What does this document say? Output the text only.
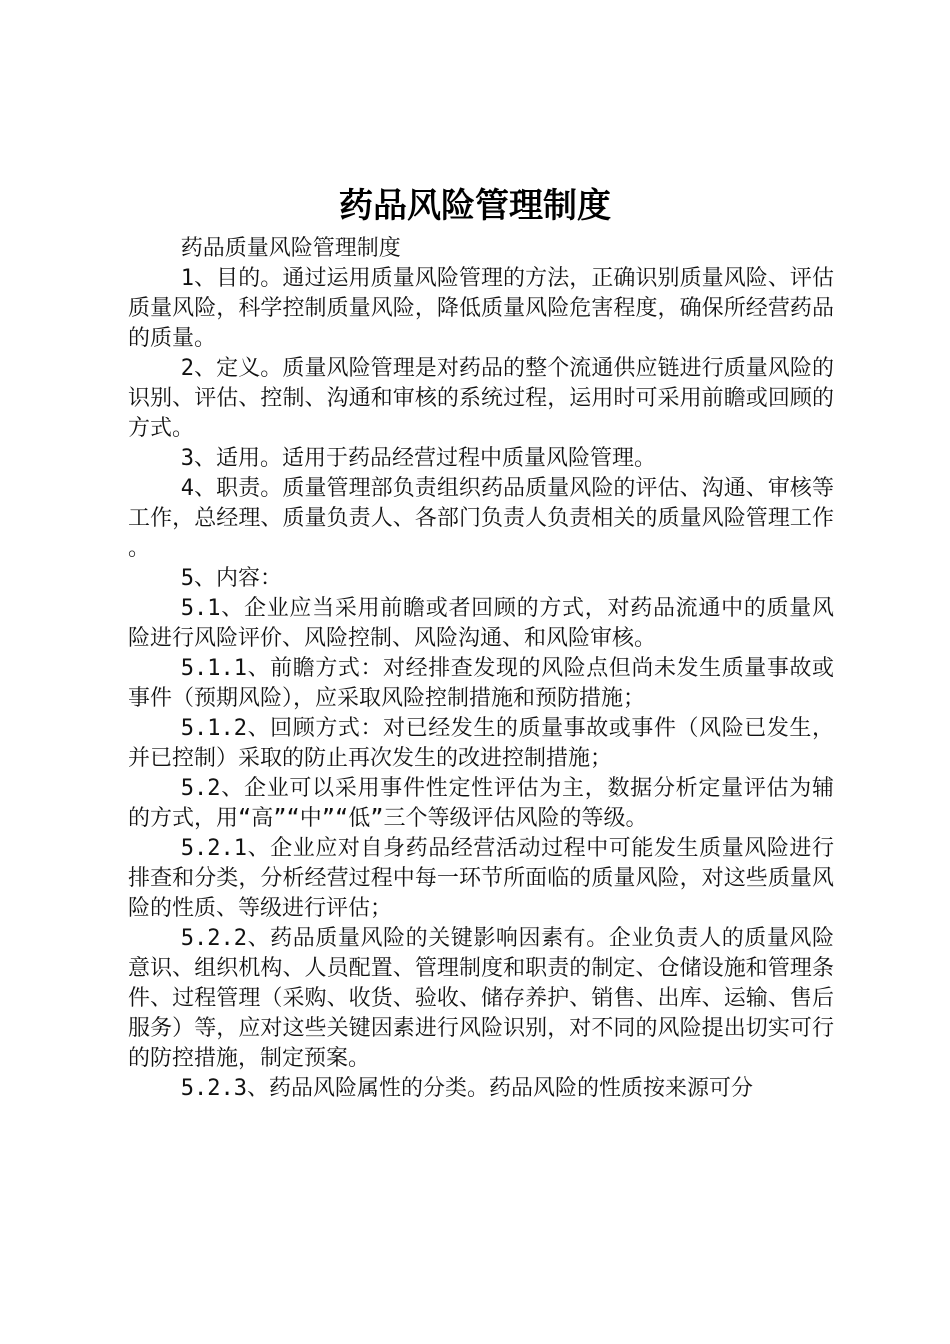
药品风险管理制度

药品质量风险管理制度

1、目的。通过运用质量风险管理的方法，正确识别质量风险、评估质量风险，科学控制质量风险，降低质量风险危害程度，确保所经营药品的质量。

2、定义。质量风险管理是对药品的整个流通供应链进行质量风险的识别、评估、控制、沟通和审核的系统过程，运用时可采用前瞻或回顾的方式。

3、适用。适用于药品经营过程中质量风险管理。

4、职责。质量管理部负责组织药品质量风险的评估、沟通、审核等工作，总经理、质量负责人、各部门负责人负责相关的质量风险管理工作。

5、内容：

5.1、企业应当采用前瞻或者回顾的方式，对药品流通中的质量风险进行风险评价、风险控制、风险沟通、和风险审核。

5.1.1、前瞻方式：对经排查发现的风险点但尚未发生质量事故或事件（预期风险），应采取风险控制措施和预防措施；

5.1.2、回顾方式：对已经发生的质量事故或事件（风险已发生，并已控制）采取的防止再次发生的改进控制措施；

5.2、企业可以采用事件性定性评估为主，数据分析定量评估为辅的方式，用“高”“中”“低”三个等级评估风险的等级。

5.2.1、企业应对自身药品经营活动过程中可能发生质量风险进行排查和分类，分析经营过程中每一环节所面临的质量风险，对这些质量风险的性质、等级进行评估；

5.2.2、药品质量风险的关键影响因素有。企业负责人的质量风险意识、组织机构、人员配置、管理制度和职责的制定、仓储设施和管理条件、过程管理（采购、收货、验收、储存养护、销售、出库、运输、售后服务）等，应对这些关键因素进行风险识别，对不同的风险提出切实可行的防控措施，制定预案。

5.2.3、药品风险属性的分类。药品风险的性质按来源可分
